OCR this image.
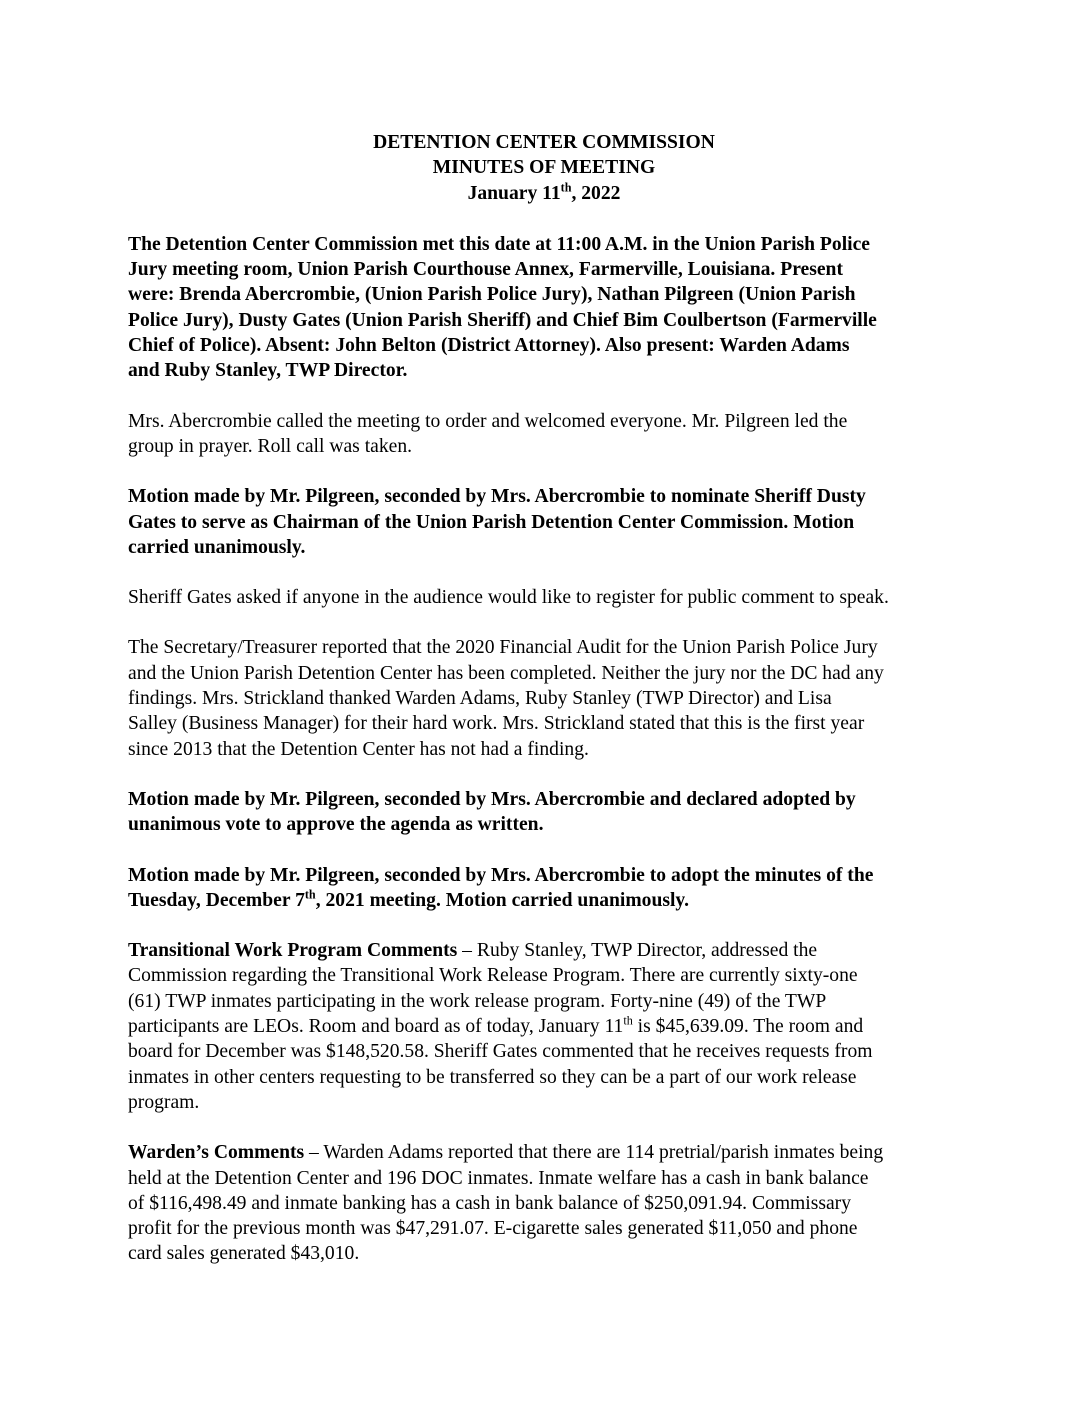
DETENTION CENTER COMMISSION
MINUTES OF MEETING
January 11th, 2022
The Detention Center Commission met this date at 11:00 A.M. in the Union Parish Police
Jury meeting room, Union Parish Courthouse Annex, Farmerville, Louisiana. Present
were: Brenda Abercrombie, (Union Parish Police Jury), Nathan Pilgreen (Union Parish
Police Jury), Dusty Gates (Union Parish Sheriff) and Chief Bim Coulbertson (Farmerville
Chief of Police). Absent: John Belton (District Attorney). Also present: Warden Adams
and Ruby Stanley, TWP Director.
Mrs. Abercrombie called the meeting to order and welcomed everyone. Mr. Pilgreen led the
group in prayer. Roll call was taken.
Motion made by Mr. Pilgreen, seconded by Mrs. Abercrombie to nominate Sheriff Dusty
Gates to serve as Chairman of the Union Parish Detention Center Commission. Motion
carried unanimously.
Sheriff Gates asked if anyone in the audience would like to register for public comment to speak.
The Secretary/Treasurer reported that the 2020 Financial Audit for the Union Parish Police Jury
and the Union Parish Detention Center has been completed. Neither the jury nor the DC had any
findings. Mrs. Strickland thanked Warden Adams, Ruby Stanley (TWP Director) and Lisa
Salley (Business Manager) for their hard work. Mrs. Strickland stated that this is the first year
since 2013 that the Detention Center has not had a finding.
Motion made by Mr. Pilgreen, seconded by Mrs. Abercrombie and declared adopted by
unanimous vote to approve the agenda as written.
Motion made by Mr. Pilgreen, seconded by Mrs. Abercrombie to adopt the minutes of the
Tuesday, December 7th, 2021 meeting. Motion carried unanimously.
Transitional Work Program Comments – Ruby Stanley, TWP Director, addressed the
Commission regarding the Transitional Work Release Program. There are currently sixty-one
(61) TWP inmates participating in the work release program. Forty-nine (49) of the TWP
participants are LEOs. Room and board as of today, January 11th is $45,639.09. The room and
board for December was $148,520.58. Sheriff Gates commented that he receives requests from
inmates in other centers requesting to be transferred so they can be a part of our work release
program.
Warden’s Comments – Warden Adams reported that there are 114 pretrial/parish inmates being
held at the Detention Center and 196 DOC inmates. Inmate welfare has a cash in bank balance
of $116,498.49 and inmate banking has a cash in bank balance of $250,091.94. Commissary
profit for the previous month was $47,291.07. E-cigarette sales generated $11,050 and phone
card sales generated $43,010.
